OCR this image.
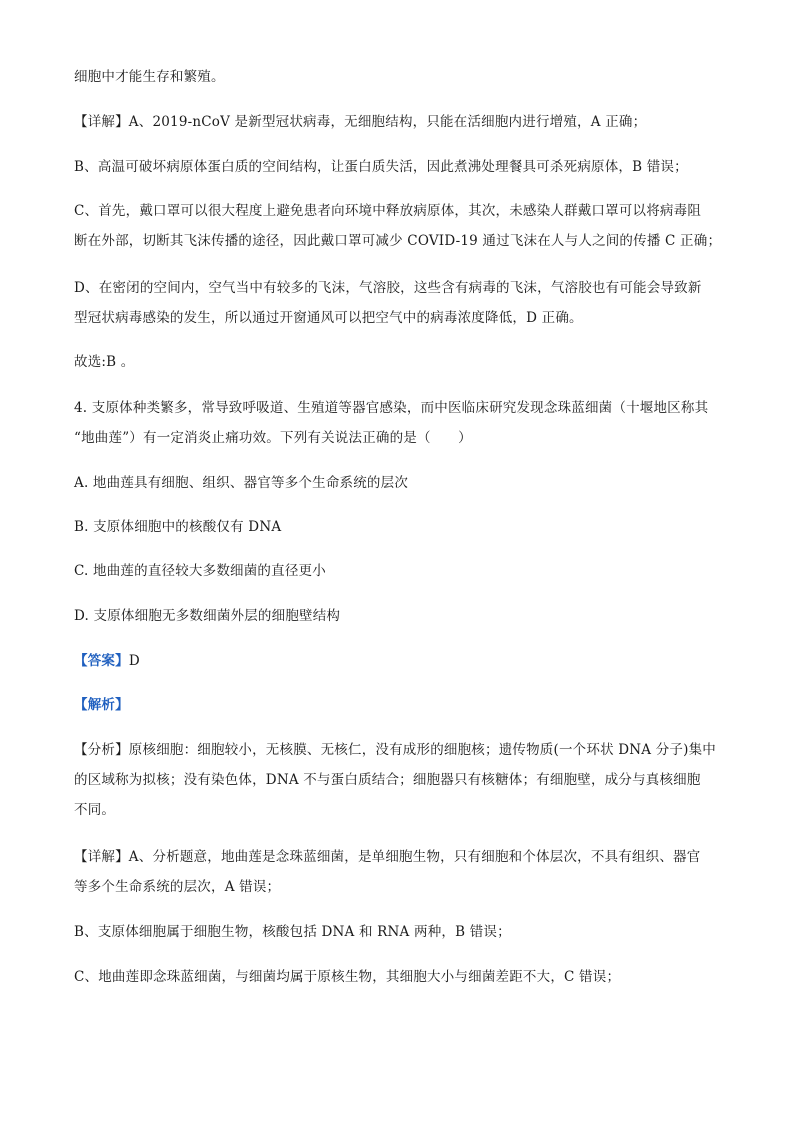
细胞中才能生存和繁殖。
【详解】A、2019-nCoV 是新型冠状病毒，无细胞结构，只能在活细胞内进行增殖，A 正确；
B、高温可破坏病原体蛋白质的空间结构，让蛋白质失活，因此煮沸处理餐具可杀死病原体，B 错误；
C、首先，戴口罩可以很大程度上避免患者向环境中释放病原体，其次，未感染人群戴口罩可以将病毒阻
断在外部，切断其飞沫传播的途径，因此戴口罩可减少 COVID-19 通过飞沫在人与人之间的传播 C 正确；
D、在密闭的空间内，空气当中有较多的飞沫，气溶胶，这些含有病毒的飞沫，气溶胶也有可能会导致新
型冠状病毒感染的发生，所以通过开窗通风可以把空气中的病毒浓度降低，D 正确。
故选:B 。
4. 支原体种类繁多，常导致呼吸道、生殖道等器官感染，而中医临床研究发现念珠蓝细菌（十堰地区称其
“地曲莲”）有一定消炎止痛功效。下列有关说法正确的是（　　）
A. 地曲莲具有细胞、组织、器官等多个生命系统的层次
B. 支原体细胞中的核酸仅有 DNA
C. 地曲莲的直径较大多数细菌的直径更小
D. 支原体细胞无多数细菌外层的细胞壁结构
【答案】D
【解析】
【分析】原核细胞：细胞较小，无核膜、无核仁，没有成形的细胞核；遗传物质(一个环状 DNA 分子)集中
的区域称为拟核；没有染色体，DNA 不与蛋白质结合；细胞器只有核糖体；有细胞壁，成分与真核细胞
不同。
【详解】A、分析题意，地曲莲是念珠蓝细菌，是单细胞生物，只有细胞和个体层次，不具有组织、器官
等多个生命系统的层次，A 错误；
B、支原体细胞属于细胞生物，核酸包括 DNA 和 RNA 两种，B 错误；
C、地曲莲即念珠蓝细菌，与细菌均属于原核生物，其细胞大小与细菌差距不大，C 错误；
